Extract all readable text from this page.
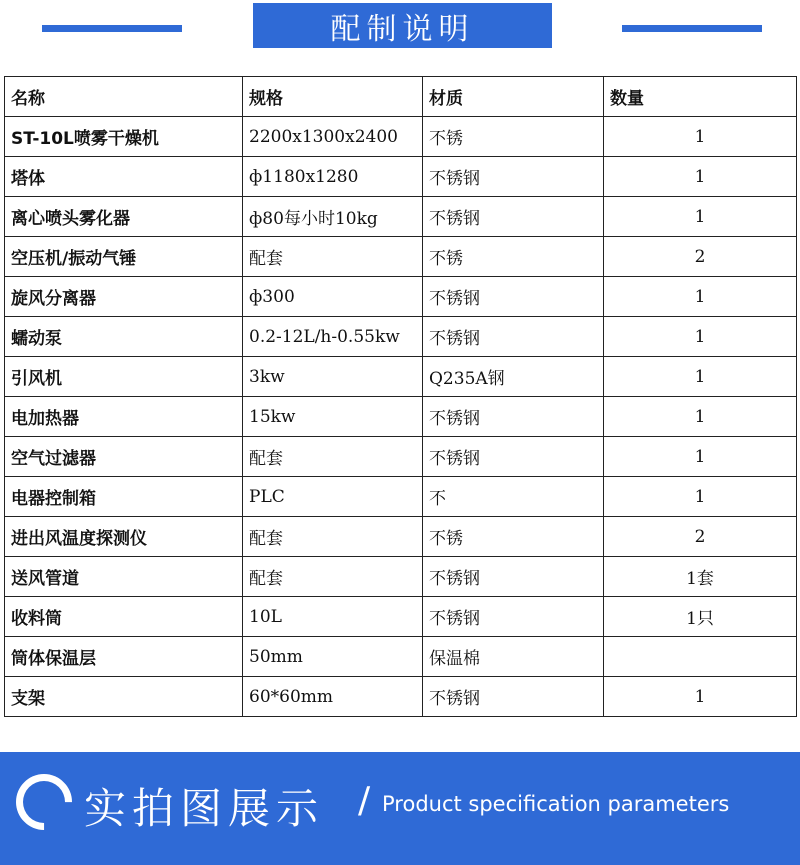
配制说明
名称	规格	材质	数量
ST-10L喷雾干燥机	2200x1300x2400	不锈	1
塔体	ф1180x1280	不锈钢	1
离心喷头雾化器	ф80每小时10kg	不锈钢	1
空压机/振动气锤	配套	不锈	2
旋风分离器	ф300	不锈钢	1
蠕动泵	0.2-12L/h-0.55kw	不锈钢	1
引风机	3kw	Q235A钢	1
电加热器	15kw	不锈钢	1
空气过滤器	配套	不锈钢	1
电器控制箱	PLC	不	1
进出风温度探测仪	配套	不锈	2
送风管道	配套	不锈钢	1套
收料筒	10L	不锈钢	1只
筒体保温层	50mm	保温棉	
支架	60*60mm	不锈钢	1
实拍图展示 / Product specification parameters
